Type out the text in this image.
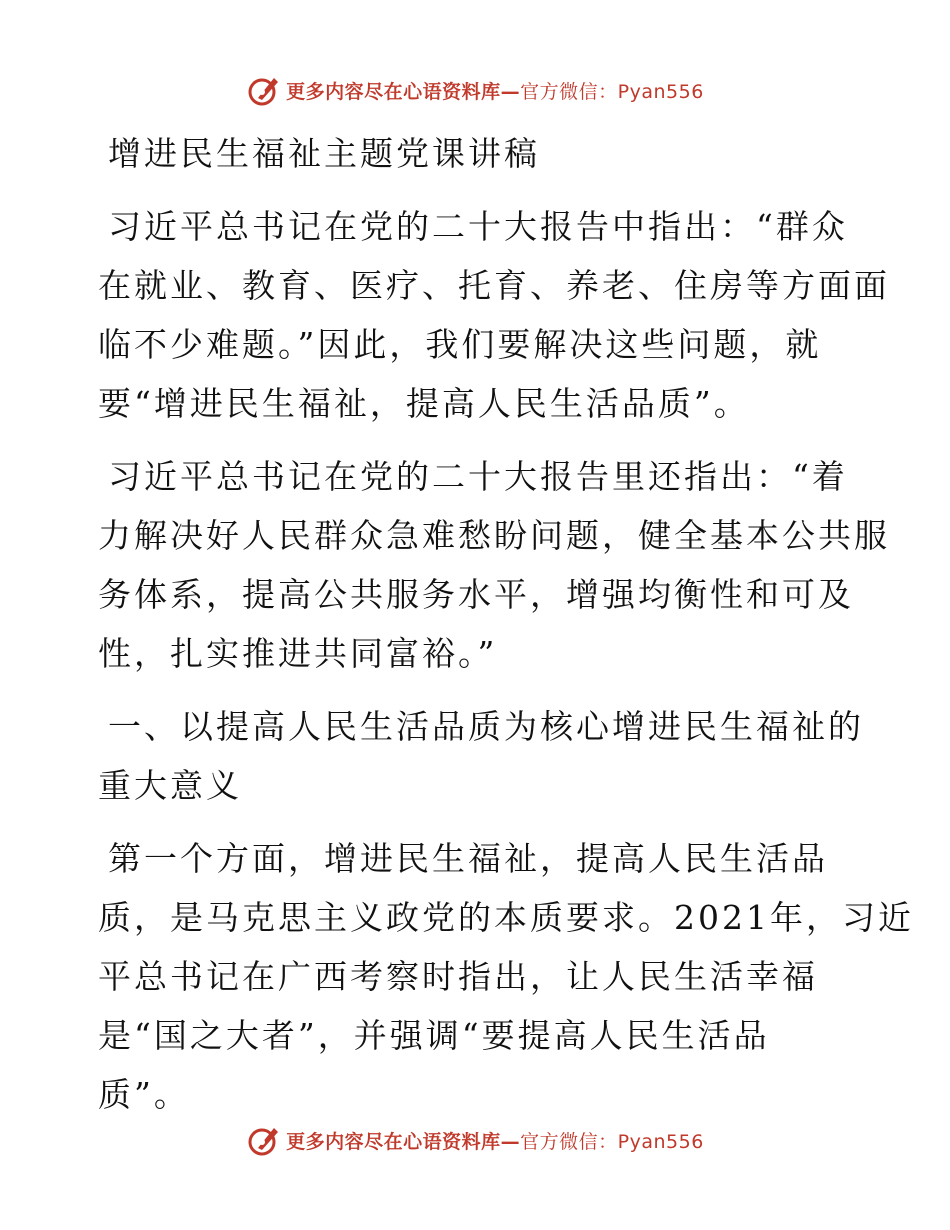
更多内容尽在心语资料库— 官方微信：Pyan556

增进民生福祉主题党课讲稿

习近平总书记在党的二十大报告中指出：“群众
在就业、教育、医疗、托育、养老、住房等方面面
临不少难题。”因此，我们要解决这些问题，就
要“增进民生福祉，提高人民生活品质”。

习近平总书记在党的二十大报告里还指出：“着
力解决好人民群众急难愁盼问题，健全基本公共服
务体系，提高公共服务水平，增强均衡性和可及
性，扎实推进共同富裕。”

一、以提高人民生活品质为核心增进民生福祉的
重大意义

第一个方面，增进民生福祉，提高人民生活品
质，是马克思主义政党的本质要求。2021年，习近
平总书记在广西考察时指出，让人民生活幸福
是“国之大者”，并强调“要提高人民生活品
质”。

更多内容尽在心语资料库— 官方微信：Pyan556
